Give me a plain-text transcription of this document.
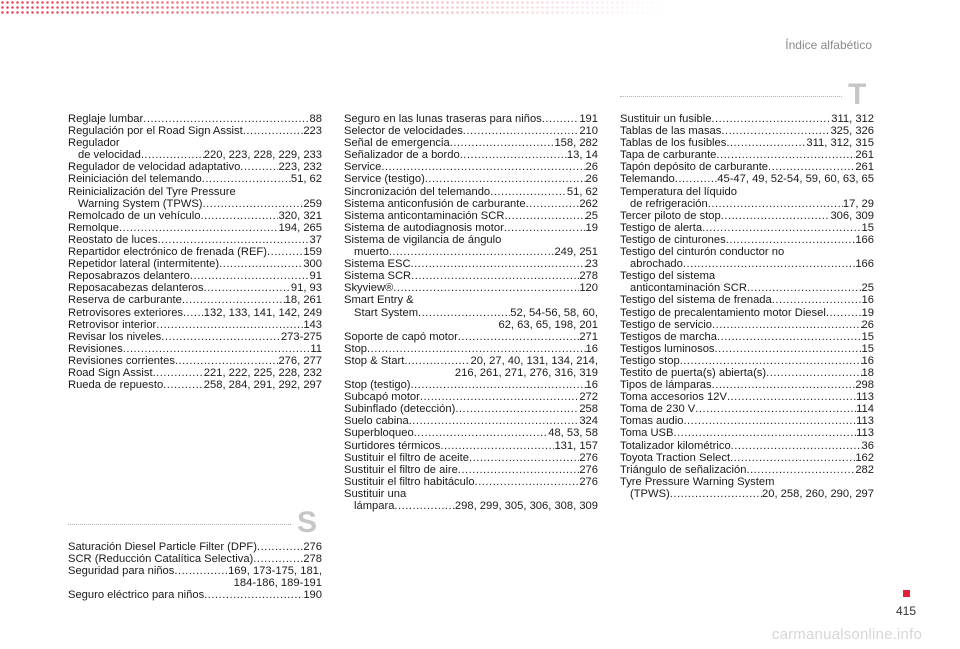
Índice alfabético
T
S
Reglaje lumbar .....	88
Regulación por el Road Sign Assist .....	223
Regulador
de velocidad .....	220, 223, 228, 229, 233
Regulador de velocidad adaptativo .....	223, 232
Reiniciación del telemando .....	51, 62
Reinicialización del Tyre Pressure
Warning System (TPWS) .....	259
Remolcado de un vehículo .....	320, 321
Remolque .....	194, 265
Reostato de luces .....	37
Repartidor electrónico de frenada (REF) .....	159
Repetidor lateral (intermitente) .....	300
Reposabrazos delantero .....	91
Reposacabezas delanteros .....	91, 93
Reserva de carburante .....	18, 261
Retrovisores exteriores ..... 132, 133, 141, 142, 249
Retrovisor interior .....	143
Revisar los niveles .....	273-275
Revisiones .....	11
Revisiones corrientes .....	276, 277
Road Sign Assist .....	221, 222, 225, 228, 232
Rueda de repuesto .....	258, 284, 291, 292, 297
Saturación Diesel Particle Filter (DPF) .....	276
SCR (Reducción Catalítica Selectiva) .....	278
Seguridad para niños .....	169, 173-175, 181,
184-186, 189-191
Seguro eléctrico para niños .....	190
Seguro en las lunas traseras para niños .....	191
Selector de velocidades .....	210
Señal de emergencia .....	158, 282
Señalizador de a bordo .....	13, 14
Service .....	26
Service (testigo) .....	26
Sincronización del telemando .....	51, 62
Sistema anticonfusión de carburante .....	262
Sistema anticontaminación SCR .....	25
Sistema de autodiagnosis motor .....	19
Sistema de vigilancia de ángulo
muerto .....	249, 251
Sistema ESC .....	23
Sistema SCR .....	278
Skyview® .....	120
Smart Entry &
Start System .....	52, 54-56, 58, 60,
62, 63, 65, 198, 201
Soporte de capó motor .....	271
Stop .....	16
Stop & Start .....	20, 27, 40, 131, 134, 214,
216, 261, 271, 276, 316, 319
Stop (testigo) .....	16
Subcapó motor .....	272
Subinflado (detección) .....	258
Suelo cabina .....	324
Superbloqueo .....	48, 53, 58
Surtidores térmicos .....	131, 157
Sustituir el filtro de aceite .....	276
Sustituir el filtro de aire .....	276
Sustituir el filtro habitáculo .....	276
Sustituir una
lámpara .....	298, 299, 305, 306, 308, 309
Sustituir un fusible .....	311, 312
Tablas de las masas .....	325, 326
Tablas de los fusibles .....	311, 312, 315
Tapa de carburante .....	261
Tapón depósito de carburante .....	261
Telemando .....	45-47, 49, 52-54, 59, 60, 63, 65
Temperatura del líquido
de refrigeración .....	17, 29
Tercer piloto de stop .....	306, 309
Testigo de alerta .....	15
Testigo de cinturones .....	166
Testigo del cinturón conductor no
abrochado .....	166
Testigo del sistema
anticontaminación SCR .....	25
Testigo del sistema de frenada .....	16
Testigo de precalentamiento motor Diesel .....	19
Testigo de servicio .....	26
Testigos de marcha .....	15
Testigos luminosos .....	15
Testigo stop .....	16
Testito de puerta(s) abierta(s) .....	18
Tipos de lámparas .....	298
Toma accesorios 12V .....	113
Toma de 230 V .....	114
Tomas audio .....	113
Toma USB .....	113
Totalizador kilométrico .....	36
Toyota Traction Select .....	162
Triángulo de señalización .....	282
Tyre Pressure Warning System
(TPWS) .....	20, 258, 260, 290, 297
415
carmanualsonline.info
